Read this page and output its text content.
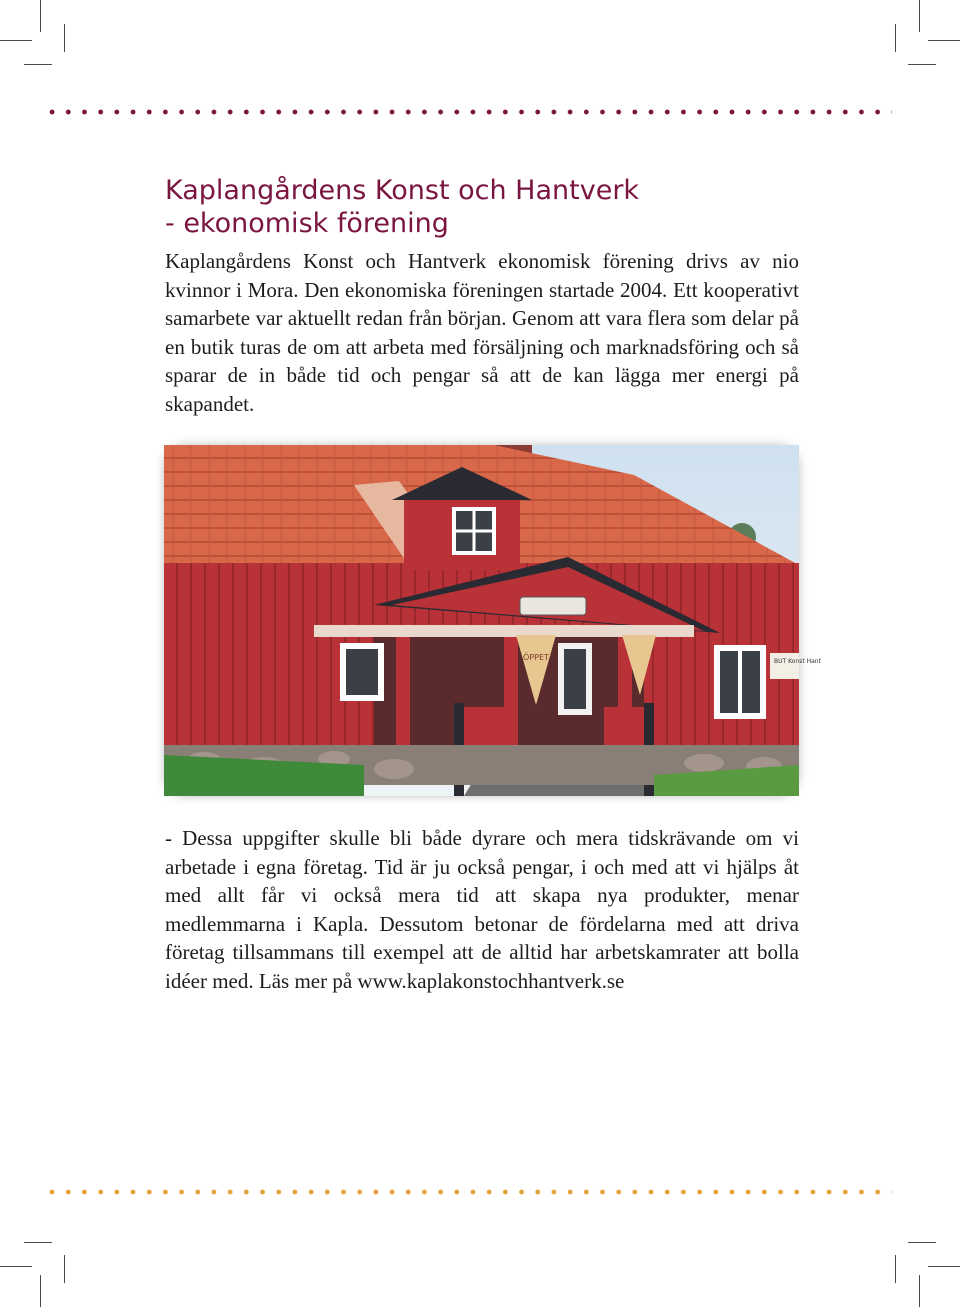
Kaplangårdens Konst och Hantverk
- ekonomisk förening

Kaplangårdens Konst och Hantverk ekonomisk förening drivs av nio kvinnor i Mora. Den ekonomiska föreningen startade 2004. Ett kooperativt samarbete var aktuellt redan från början. Genom att vara flera som delar på en butik turas de om att arbeta med försäljning och marknadsföring och så sparar de in både tid och pengar så att de kan lägga mer energi på skapandet.

ÖPPET	BUT Konst Hant

- Dessa uppgifter skulle bli både dyrare och mera tidskrävande om vi arbetade i egna företag. Tid är ju också pengar, i och med att vi hjälps åt med allt får vi också mera tid att skapa nya produkter, menar medlemmarna i Kapla. Dessutom betonar de fördelarna med att driva företag tillsammans till exempel att de alltid har arbetskamrater att bolla idéer med. Läs mer på www.kaplakonstochhantverk.se
